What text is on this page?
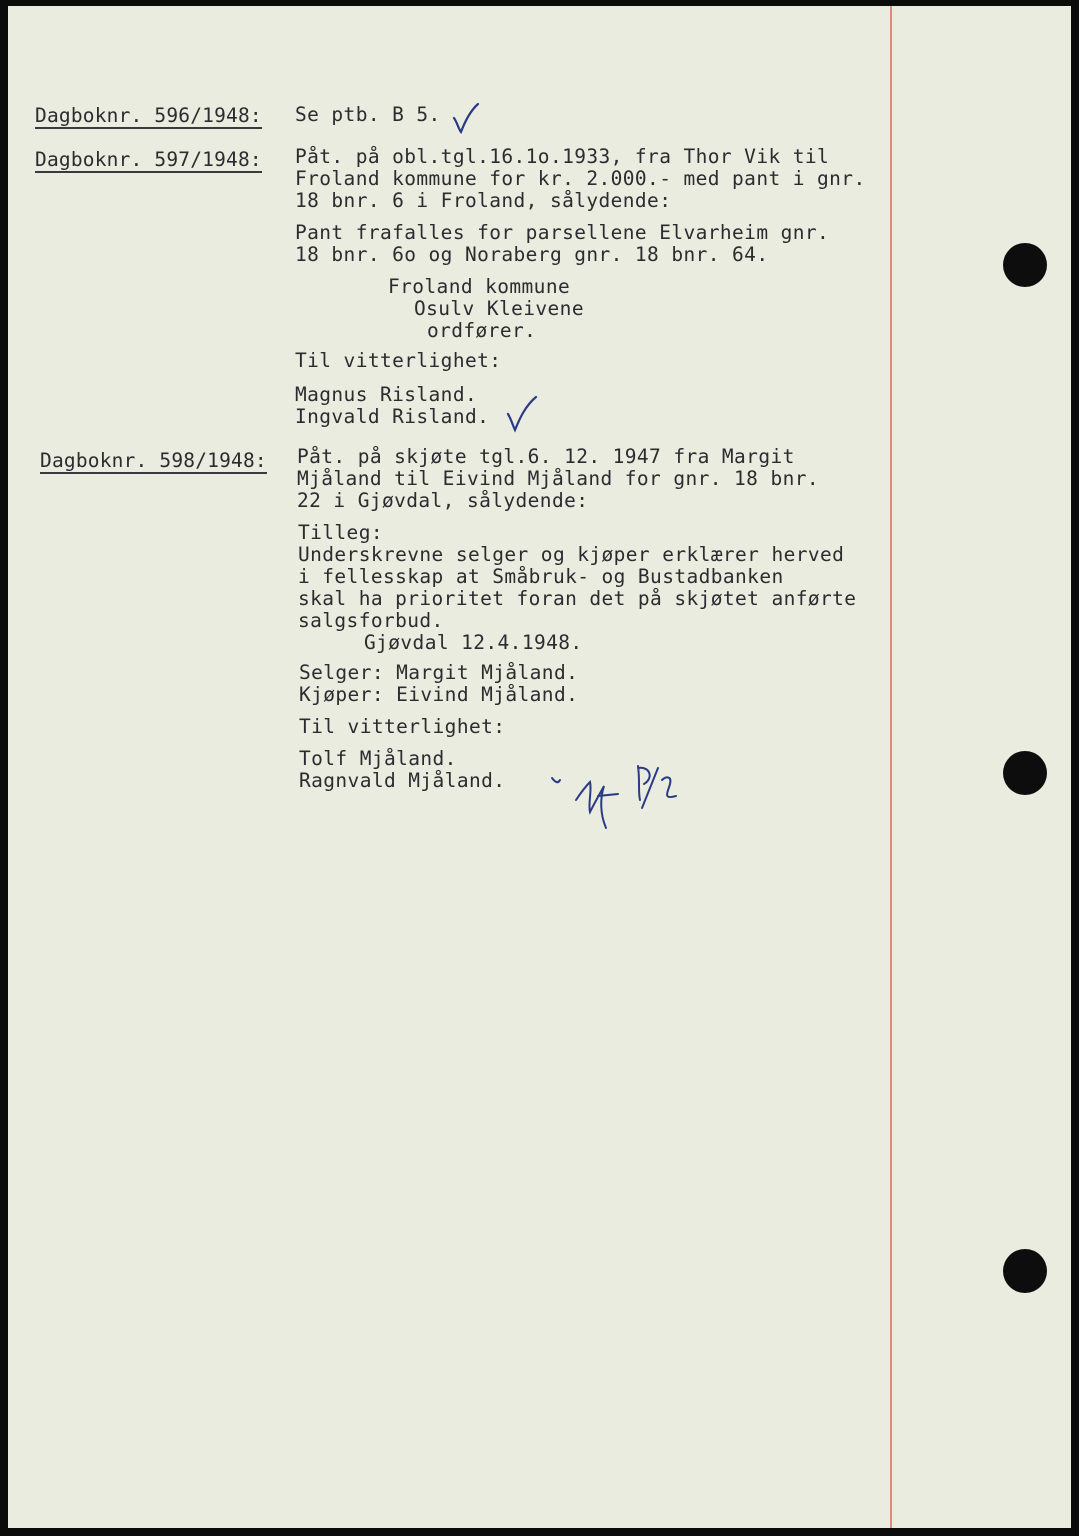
Dagboknr. 596/1948: Se ptb. B 5.
Dagboknr. 597/1948: Påt. på obl.tgl.16.1o.1933, fra Thor Vik til
Froland kommune for kr. 2.000.- med pant i gnr.
18 bnr. 6 i Froland, sålydende:
Pant frafalles for parsellene Elvarheim gnr.
18 bnr. 6o og Noraberg gnr. 18 bnr. 64.
Froland kommune
Osulv Kleivene
ordfører.
Til vitterlighet:
Magnus Risland.
Ingvald Risland.
Dagboknr. 598/1948: Påt. på skjøte tgl.6. 12. 1947 fra Margit
Mjåland til Eivind Mjåland for gnr. 18 bnr.
22 i Gjøvdal, sålydende:
Tilleg:
Underskrevne selger og kjøper erklærer herved
i fellesskap at Småbruk- og Bustadbanken
skal ha prioritet foran det på skjøtet anførte
salgsforbud.
Gjøvdal 12.4.1948.
Selger: Margit Mjåland.
Kjøper: Eivind Mjåland.
Til vitterlighet:
Tolf Mjåland.
Ragnvald Mjåland.
